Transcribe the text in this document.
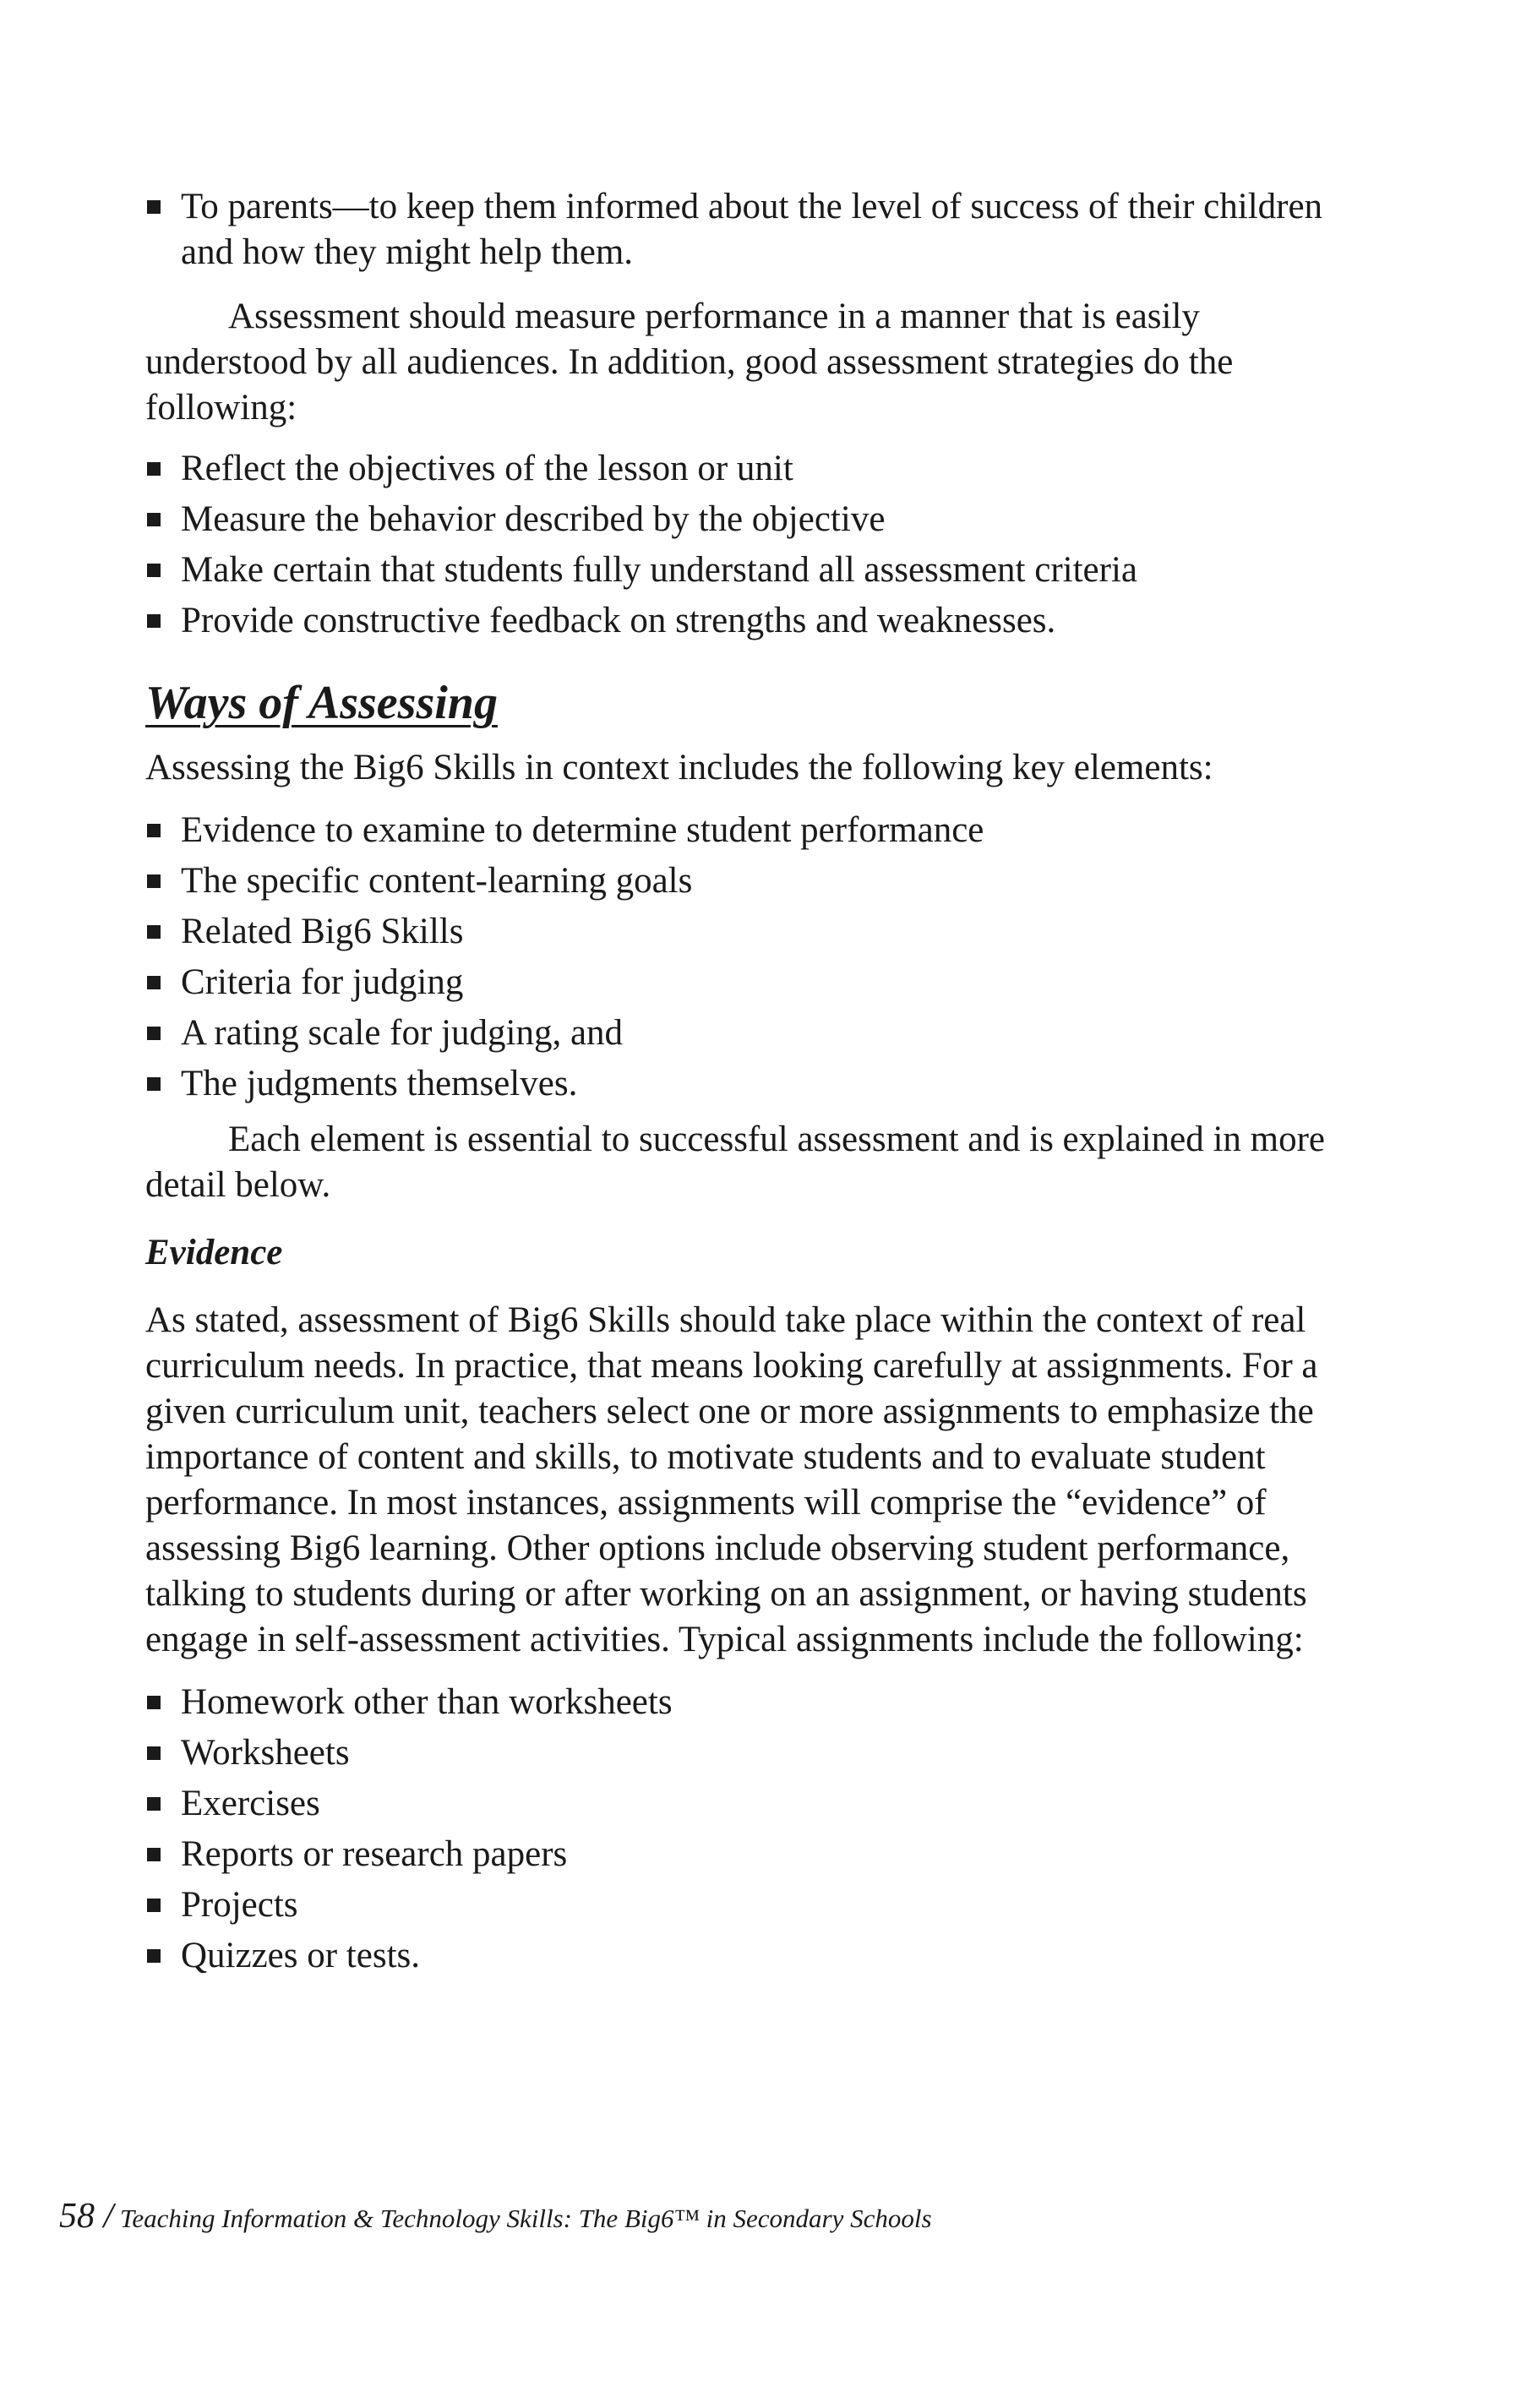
To parents—to keep them informed about the level of success of their children and how they might help them.

Assessment should measure performance in a manner that is easily understood by all audiences. In addition, good assessment strategies do the following:

Reflect the objectives of the lesson or unit
Measure the behavior described by the objective
Make certain that students fully understand all assessment criteria
Provide constructive feedback on strengths and weaknesses.
Ways of Assessing

Assessing the Big6 Skills in context includes the following key elements:

Evidence to examine to determine student performance
The specific content-learning goals
Related Big6 Skills
Criteria for judging
A rating scale for judging, and
The judgments themselves.

Each element is essential to successful assessment and is explained in more detail below.

Evidence

As stated, assessment of Big6 Skills should take place within the context of real curriculum needs. In practice, that means looking carefully at assignments. For a given curriculum unit, teachers select one or more assignments to emphasize the importance of content and skills, to motivate students and to evaluate student performance. In most instances, assignments will comprise the “evidence” of assessing Big6 learning. Other options include observing student performance, talking to students during or after working on an assignment, or having students engage in self-assessment activities. Typical assignments include the following:

Homework other than worksheets
Worksheets
Exercises
Reports or research papers
Projects
Quizzes or tests.
58 / Teaching Information & Technology Skills: The Big6™ in Secondary Schools
